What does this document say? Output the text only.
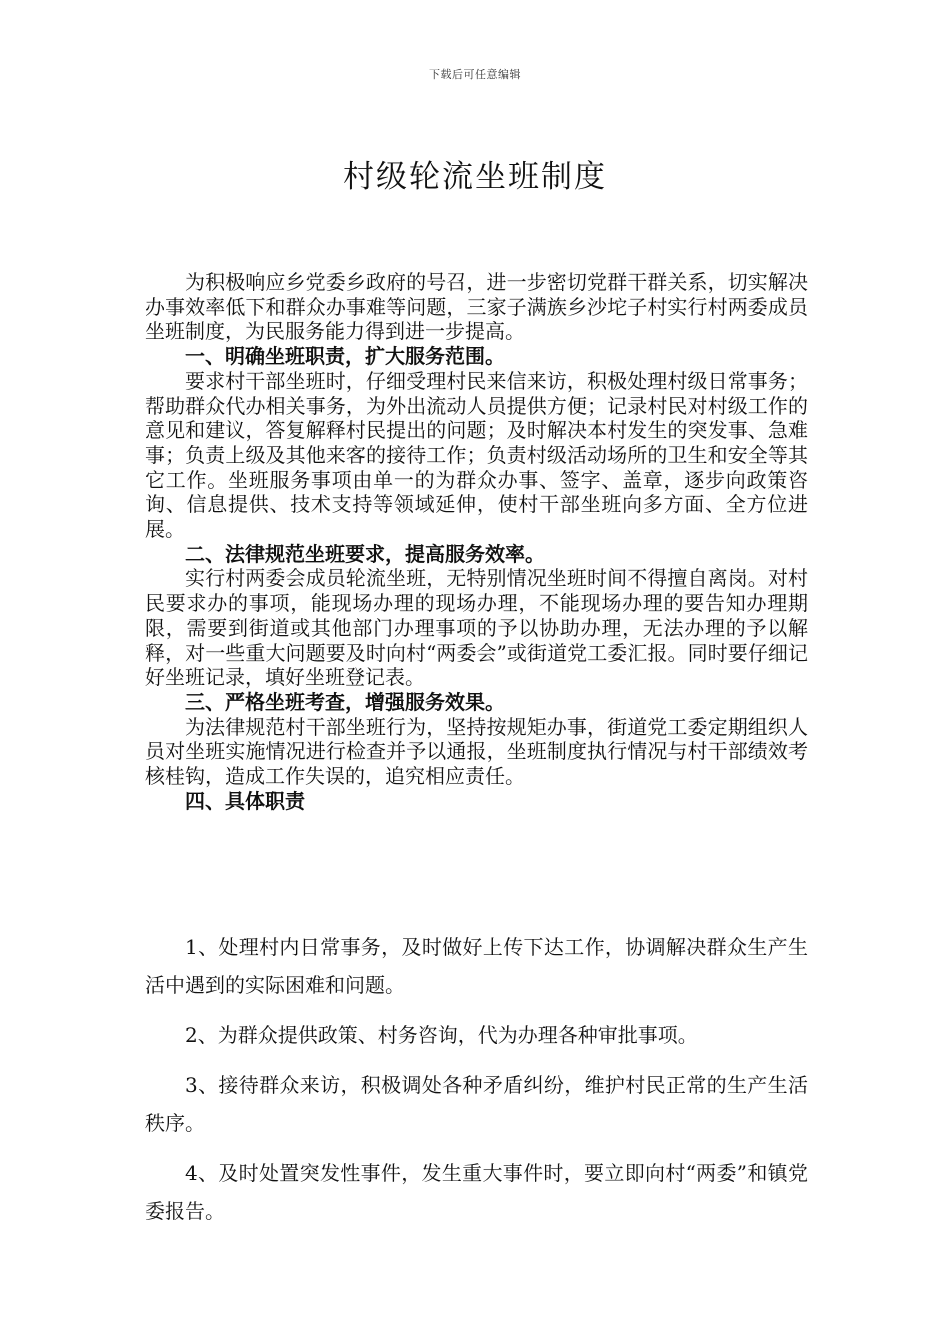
下载后可任意编辑
村级轮流坐班制度

为积极响应乡党委乡政府的号召，进一步密切党群干群关系，切实解决办事效率低下和群众办事难等问题，三家子满族乡沙坨子村实行村两委成员坐班制度，为民服务能力得到进一步提高。

一、明确坐班职责，扩大服务范围。

要求村干部坐班时，仔细受理村民来信来访，积极处理村级日常事务；帮助群众代办相关事务，为外出流动人员提供方便；记录村民对村级工作的意见和建议，答复解释村民提出的问题；及时解决本村发生的突发事、急难事；负责上级及其他来客的接待工作；负责村级活动场所的卫生和安全等其它工作。坐班服务事项由单一的为群众办事、签字、盖章，逐步向政策咨询、信息提供、技术支持等领域延伸，使村干部坐班向多方面、全方位进展。

二、法律规范坐班要求，提高服务效率。

实行村两委会成员轮流坐班，无特别情况坐班时间不得擅自离岗。对村民要求办的事项，能现场办理的现场办理，不能现场办理的要告知办理期限，需要到街道或其他部门办理事项的予以协助办理，无法办理的予以解释，对一些重大问题要及时向村“两委会”或街道党工委汇报。同时要仔细记好坐班记录，填好坐班登记表。

三、严格坐班考查，增强服务效果。

为法律规范村干部坐班行为，坚持按规矩办事，街道党工委定期组织人员对坐班实施情况进行检查并予以通报，坐班制度执行情况与村干部绩效考核桂钩，造成工作失误的，追究相应责任。

四、具体职责

1、处理村内日常事务，及时做好上传下达工作，协调解决群众生产生活中遇到的实际困难和问题。

2、为群众提供政策、村务咨询，代为办理各种审批事项。

3、接待群众来访，积极调处各种矛盾纠纷，维护村民正常的生产生活秩序。

4、及时处置突发性事件，发生重大事件时，要立即向村“两委”和镇党委报告。
